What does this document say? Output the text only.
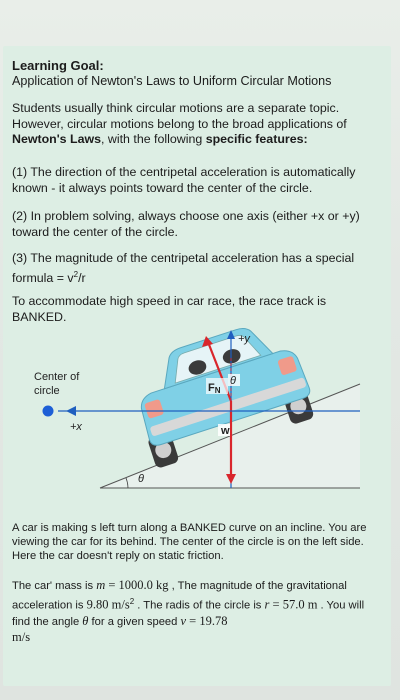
Learning Goal:
Application of Newton's Laws to Uniform Circular Motions
Students usually think circular motions are a separate topic.
However, circular motions belong to the broad applications of
Newton's Laws, with the following specific features:
(1) The direction of the centripetal acceleration is automatically known - it always points toward the center of the circle.
(2) In problem solving, always choose one axis (either +x or +y) toward the center of the circle.
(3) The magnitude of the centripetal acceleration has a special formula = $v^2/r$
To accommodate high speed in car race, the race track is BANKED.
θ
+y
w
+x
Center of
circle	FN
θ
A car is making s left turn along a BANKED curve on an incline. You are viewing the car for its behind. The center of the circle is on the left side. Here the car doesn't reply on static friction.
The car' mass is m = 1000.0 kg , The magnitude of the gravitational acceleration is 9.80 $m/s^2$ . The radis of the circle is r = 57.0 m . You will find the angle θ for a given speed v = 19.78
m/s
